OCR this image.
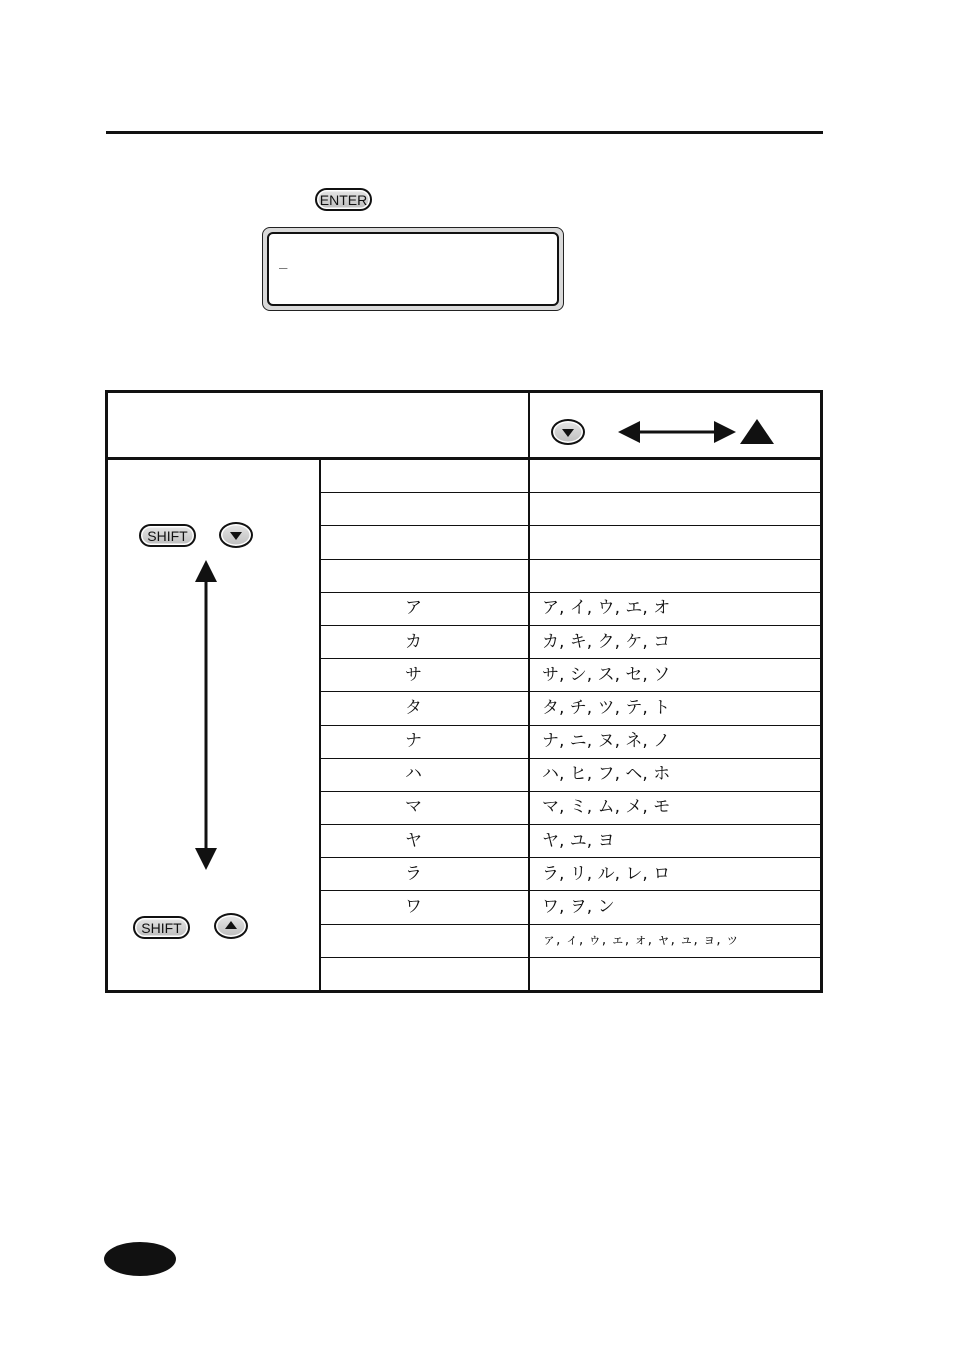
ENTER
_
SHIFT
SHIFT
ア	ア, イ, ウ, エ, オ
カ	カ, キ, ク, ケ, コ
サ	サ, シ, ス, セ, ソ
タ	タ, チ, ツ, テ, ト
ナ	ナ, ニ, ヌ, ネ, ノ
ハ	ハ, ヒ, フ, ヘ, ホ
マ	マ, ミ, ム, メ, モ
ヤ	ヤ, ユ, ヨ
ラ	ラ, リ, ル, レ, ロ
ワ	ワ, ヲ, ン
ァ, ィ, ゥ, ェ, ォ, ャ, ュ, ョ, ッ
